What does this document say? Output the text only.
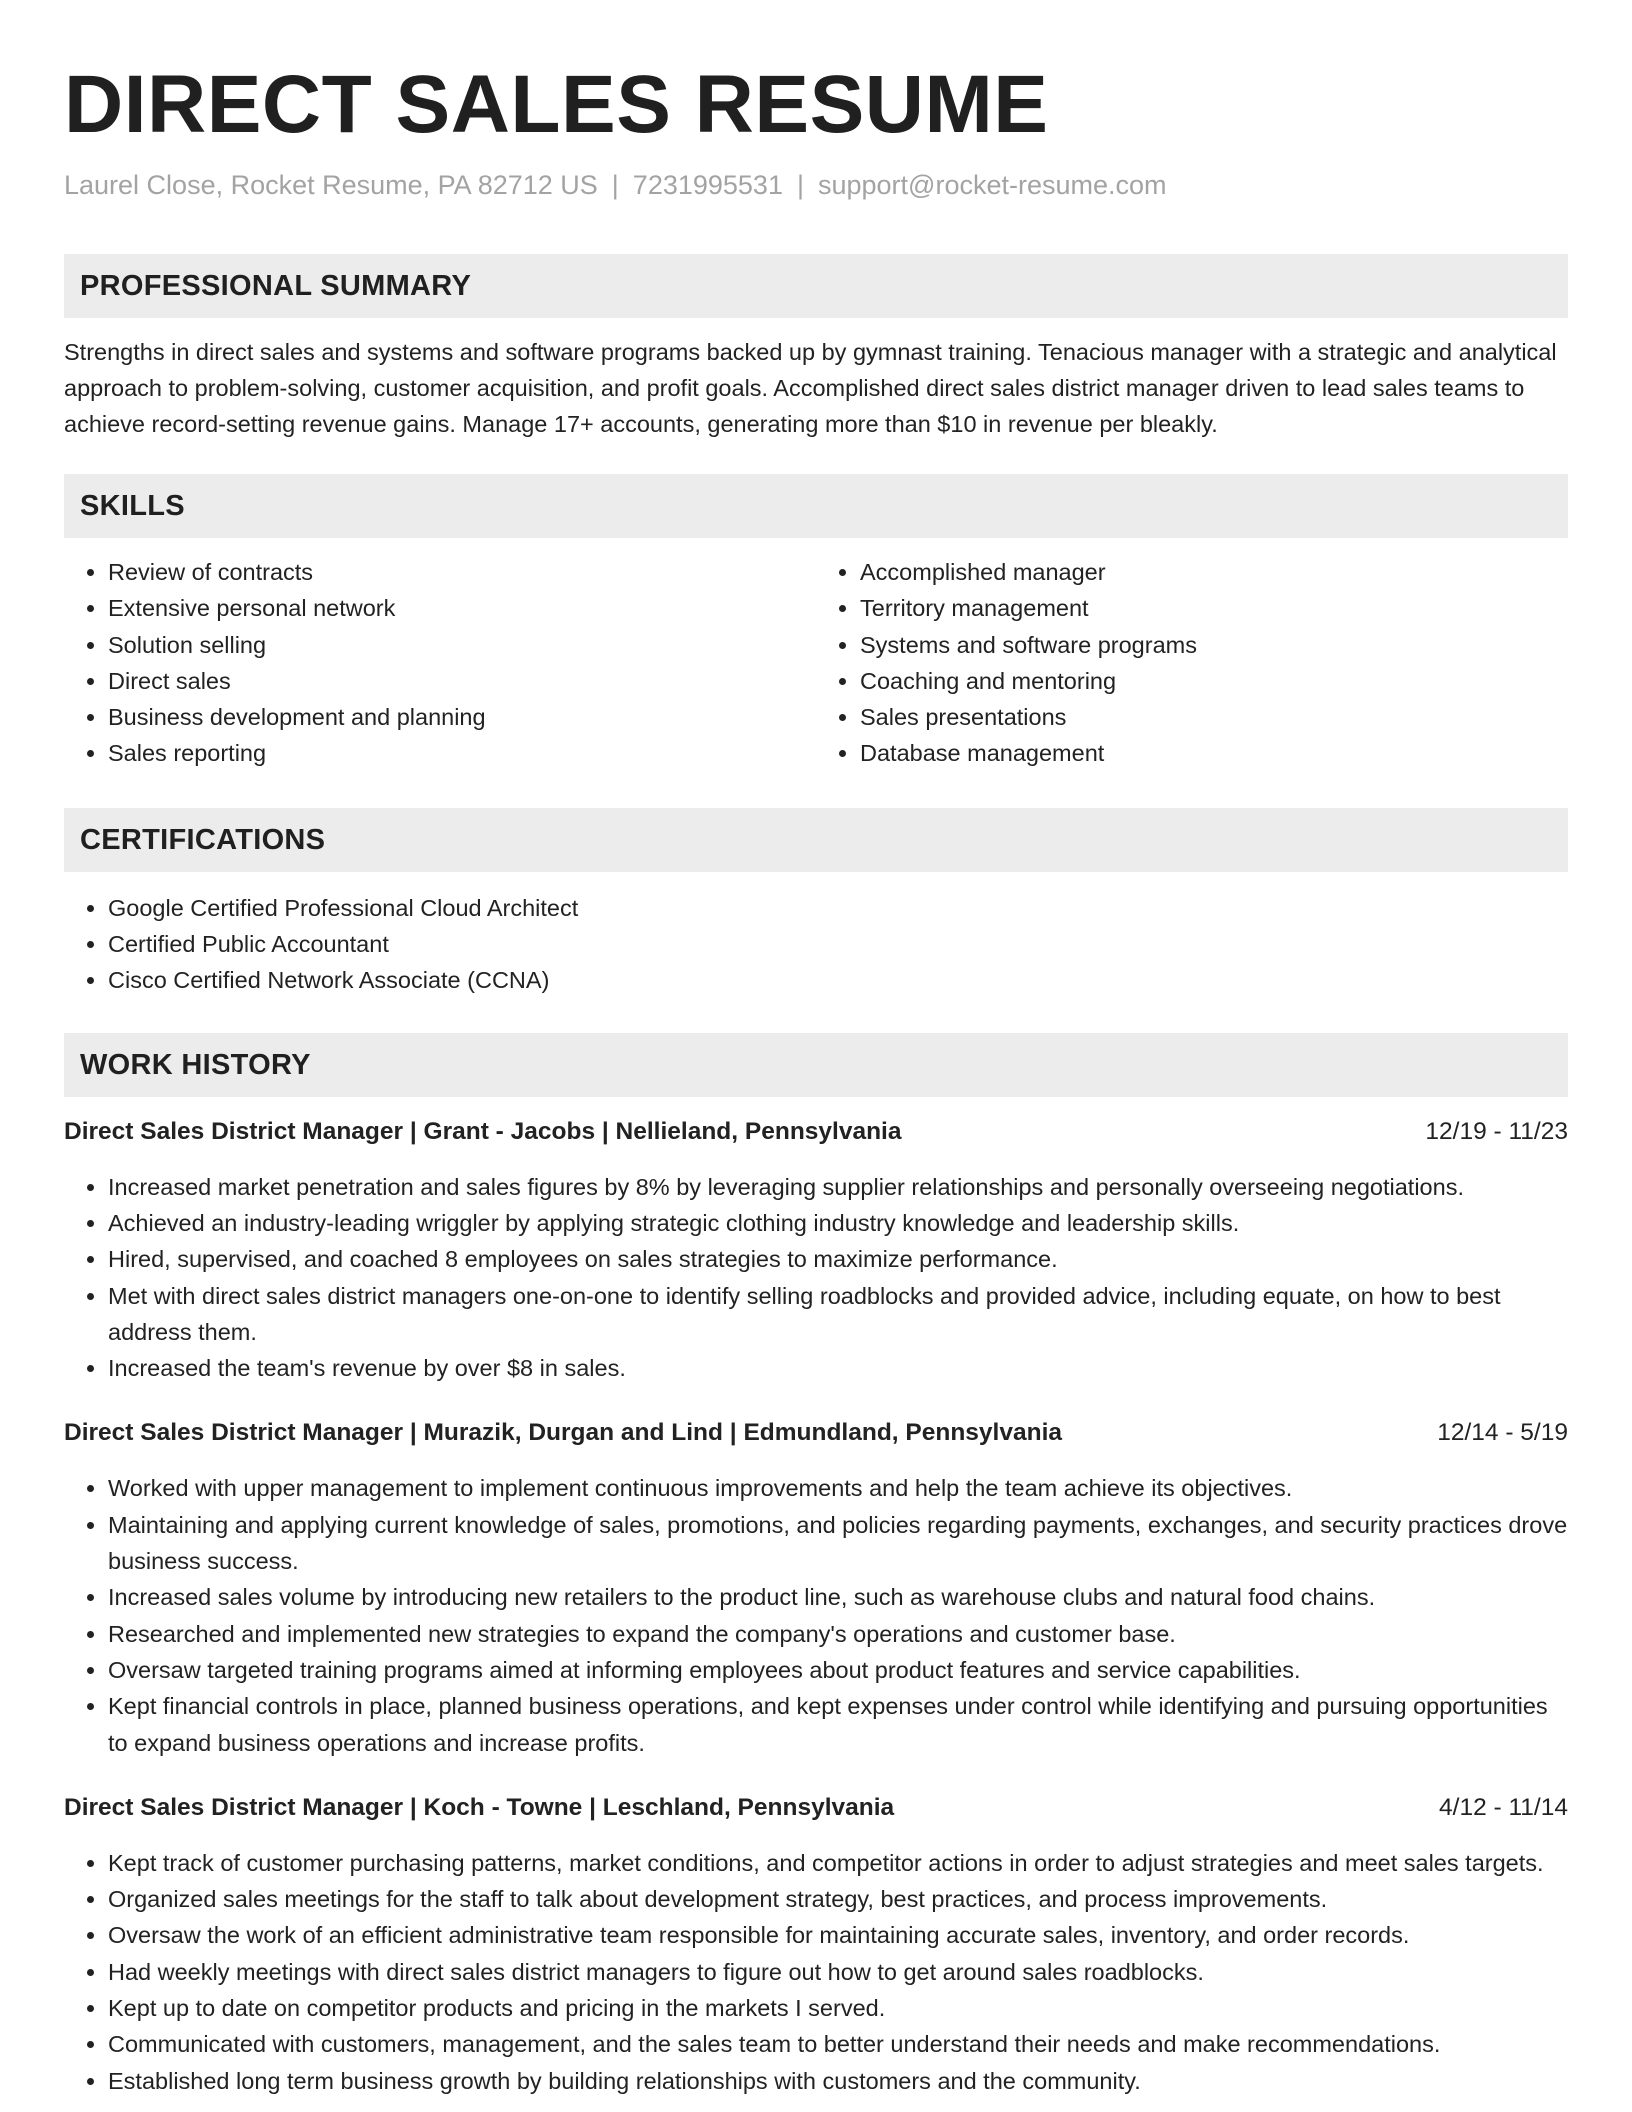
DIRECT SALES RESUME
Laurel Close, Rocket Resume, PA 82712 US | 7231995531 | support@rocket-resume.com
PROFESSIONAL SUMMARY
Strengths in direct sales and systems and software programs backed up by gymnast training. Tenacious manager with a strategic and analytical approach to problem-solving, customer acquisition, and profit goals. Accomplished direct sales district manager driven to lead sales teams to achieve record-setting revenue gains. Manage 17+ accounts, generating more than $10 in revenue per bleakly.
SKILLS
• Review of contracts
• Extensive personal network
• Solution selling
• Direct sales
• Business development and planning
• Sales reporting
• Accomplished manager
• Territory management
• Systems and software programs
• Coaching and mentoring
• Sales presentations
• Database management
CERTIFICATIONS
• Google Certified Professional Cloud Architect
• Certified Public Accountant
• Cisco Certified Network Associate (CCNA)
WORK HISTORY
Direct Sales District Manager | Grant - Jacobs | Nellieland, Pennsylvania	12/19 - 11/23
• Increased market penetration and sales figures by 8% by leveraging supplier relationships and personally overseeing negotiations.
• Achieved an industry-leading wriggler by applying strategic clothing industry knowledge and leadership skills.
• Hired, supervised, and coached 8 employees on sales strategies to maximize performance.
• Met with direct sales district managers one-on-one to identify selling roadblocks and provided advice, including equate, on how to best address them.
• Increased the team's revenue by over $8 in sales.
Direct Sales District Manager | Murazik, Durgan and Lind | Edmundland, Pennsylvania	12/14 - 5/19
• Worked with upper management to implement continuous improvements and help the team achieve its objectives.
• Maintaining and applying current knowledge of sales, promotions, and policies regarding payments, exchanges, and security practices drove business success.
• Increased sales volume by introducing new retailers to the product line, such as warehouse clubs and natural food chains.
• Researched and implemented new strategies to expand the company's operations and customer base.
• Oversaw targeted training programs aimed at informing employees about product features and service capabilities.
• Kept financial controls in place, planned business operations, and kept expenses under control while identifying and pursuing opportunities to expand business operations and increase profits.
Direct Sales District Manager | Koch - Towne | Leschland, Pennsylvania	4/12 - 11/14
• Kept track of customer purchasing patterns, market conditions, and competitor actions in order to adjust strategies and meet sales targets.
• Organized sales meetings for the staff to talk about development strategy, best practices, and process improvements.
• Oversaw the work of an efficient administrative team responsible for maintaining accurate sales, inventory, and order records.
• Had weekly meetings with direct sales district managers to figure out how to get around sales roadblocks.
• Kept up to date on competitor products and pricing in the markets I served.
• Communicated with customers, management, and the sales team to better understand their needs and make recommendations.
• Established long term business growth by building relationships with customers and the community.
